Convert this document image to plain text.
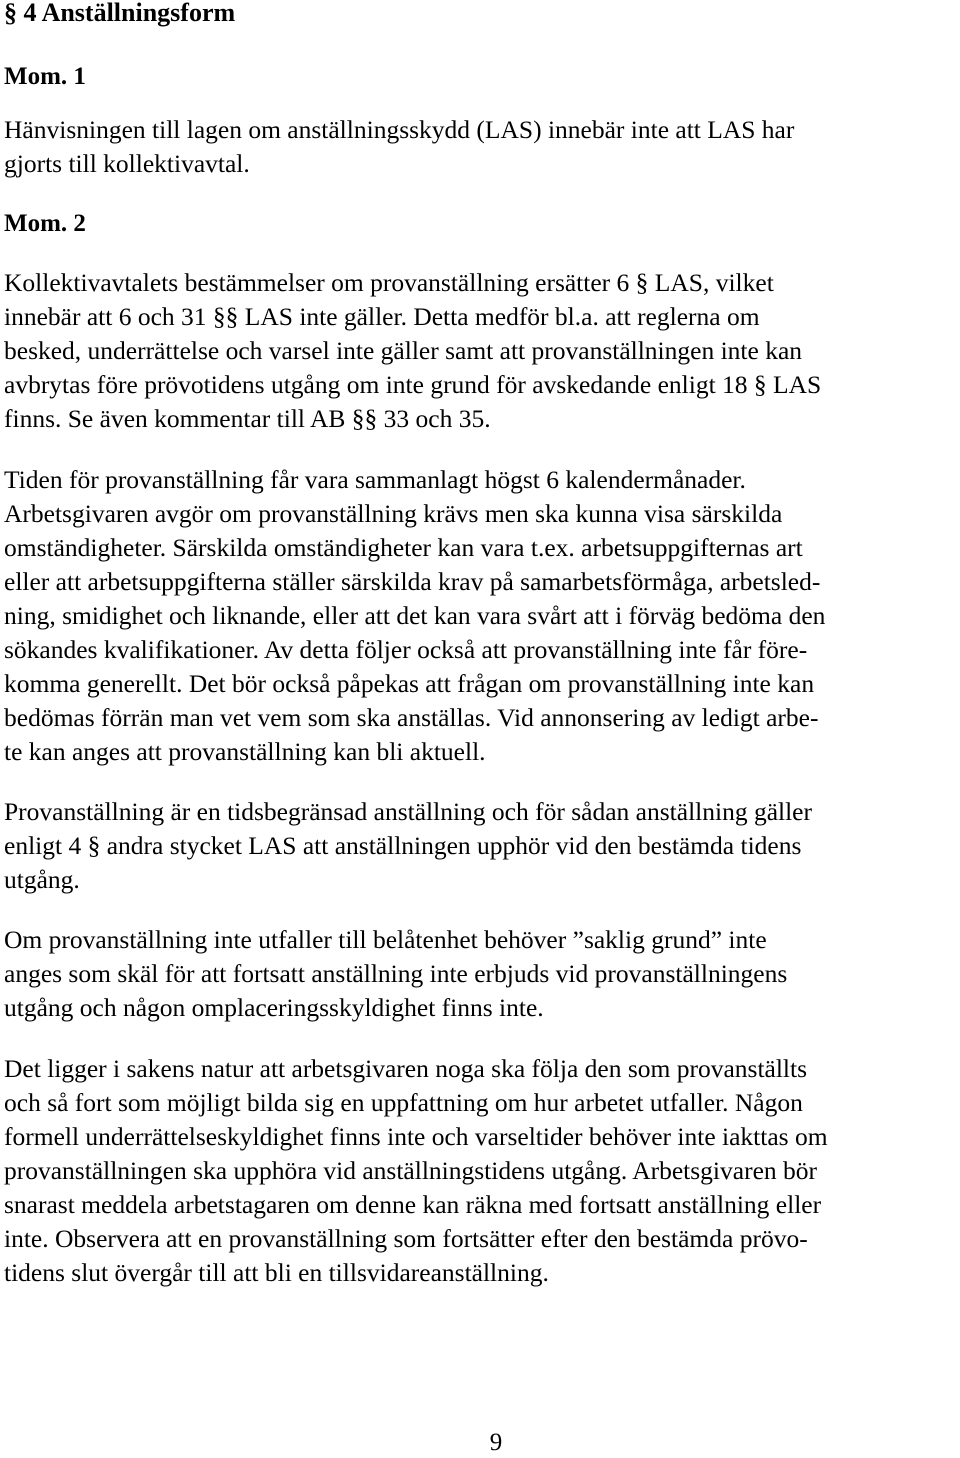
§ 4 Anställningsform
Mom. 1

Hänvisningen till lagen om anställningsskydd (LAS) innebär inte att LAS har
gjorts till kollektivavtal.

Mom. 2

Kollektivavtalets bestämmelser om provanställning ersätter 6 § LAS, vilket
innebär att 6 och 31 §§ LAS inte gäller. Detta medför bl.a. att reglerna om
besked, underrättelse och varsel inte gäller samt att provanställningen inte kan
avbrytas före prövotidens utgång om inte grund för avskedande enligt 18 § LAS
finns. Se även kommentar till AB §§ 33 och 35.

Tiden för provanställning får vara sammanlagt högst 6 kalendermånader.
Arbetsgivaren avgör om provanställning krävs men ska kunna visa särskilda
omständigheter. Särskilda omständigheter kan vara t.ex. arbetsuppgifternas art
eller att arbetsuppgifterna ställer särskilda krav på samarbetsförmåga, arbetsled-
ning, smidighet och liknande, eller att det kan vara svårt att i förväg bedöma den
sökandes kvalifikationer. Av detta följer också att provanställning inte får före-
komma generellt. Det bör också påpekas att frågan om provanställning inte kan
bedömas förrän man vet vem som ska anställas. Vid annonsering av ledigt arbe-
te kan anges att provanställning kan bli aktuell.

Provanställning är en tidsbegränsad anställning och för sådan anställning gäller
enligt 4 § andra stycket LAS att anställningen upphör vid den bestämda tidens
utgång.

Om provanställning inte utfaller till belåtenhet behöver ”saklig grund” inte
anges som skäl för att fortsatt anställning inte erbjuds vid provanställningens
utgång och någon omplaceringsskyldighet finns inte.

Det ligger i sakens natur att arbetsgivaren noga ska följa den som provanställts
och så fort som möjligt bilda sig en uppfattning om hur arbetet utfaller. Någon
formell underrättelseskyldighet finns inte och varseltider behöver inte iakttas om
provanställningen ska upphöra vid anställningstidens utgång. Arbetsgivaren bör
snarast meddela arbetstagaren om denne kan räkna med fortsatt anställning eller
inte. Observera att en provanställning som fortsätter efter den bestämda prövo-
tidens slut övergår till att bli en tillsvidareanställning.

9
